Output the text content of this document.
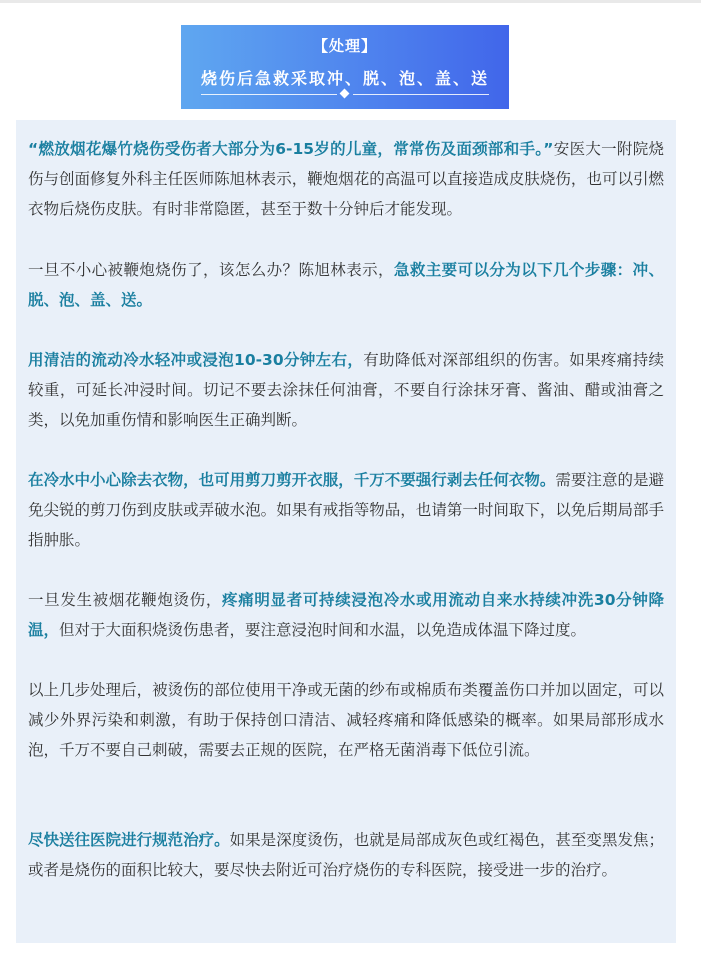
【处理】
烧伤后急救采取冲、脱、泡、盖、送

“燃放烟花爆竹烧伤受伤者大部分为6-15岁的儿童，常常伤及面颈部和手。”安医大一附院烧伤与创面修复外科主任医师陈旭林表示，鞭炮烟花的高温可以直接造成皮肤烧伤，也可以引燃衣物后烧伤皮肤。有时非常隐匿，甚至于数十分钟后才能发现。

一旦不小心被鞭炮烧伤了，该怎么办？陈旭林表示，急救主要可以分为以下几个步骤：冲、脱、泡、盖、送。

用清洁的流动冷水轻冲或浸泡10-30分钟左右，有助降低对深部组织的伤害。如果疼痛持续较重，可延长冲浸时间。切记不要去涂抹任何油膏，不要自行涂抹牙膏、酱油、醋或油膏之类，以免加重伤情和影响医生正确判断。

在冷水中小心除去衣物，也可用剪刀剪开衣服，千万不要强行剥去任何衣物。需要注意的是避免尖锐的剪刀伤到皮肤或弄破水泡。如果有戒指等物品，也请第一时间取下，以免后期局部手指肿胀。

一旦发生被烟花鞭炮烫伤，疼痛明显者可持续浸泡冷水或用流动自来水持续冲洗30分钟降温，但对于大面积烧烫伤患者，要注意浸泡时间和水温，以免造成体温下降过度。

以上几步处理后，被烫伤的部位使用干净或无菌的纱布或棉质布类覆盖伤口并加以固定，可以减少外界污染和刺激，有助于保持创口清洁、减轻疼痛和降低感染的概率。如果局部形成水泡，千万不要自己刺破，需要去正规的医院，在严格无菌消毒下低位引流。

尽快送往医院进行规范治疗。如果是深度烫伤，也就是局部成灰色或红褐色，甚至变黑发焦；或者是烧伤的面积比较大，要尽快去附近可治疗烧伤的专科医院，接受进一步的治疗。
